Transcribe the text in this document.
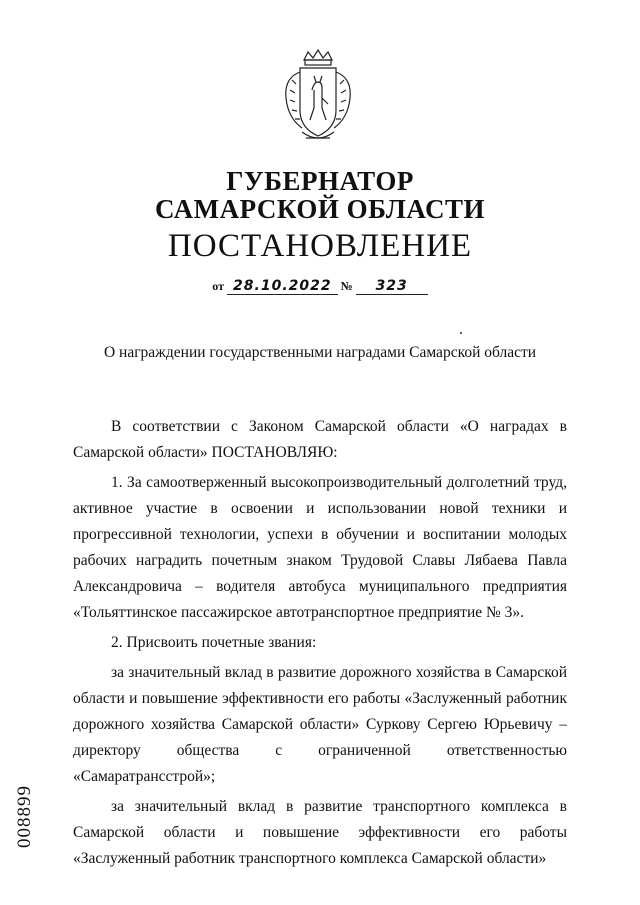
ГУБЕРНАТОР
САМАРСКОЙ ОБЛАСТИ
ПОСТАНОВЛЕНИЕ
от 28.10.2022 № 323
О награждении государственными наградами Самарской области

В соответствии с Законом Самарской области «О наградах в Самарской области» ПОСТАНОВЛЯЮ:

1. За самоотверженный высокопроизводительный долголетний труд, активное участие в освоении и использовании новой техники и прогрессивной технологии, успехи в обучении и воспитании молодых рабочих наградить почетным знаком Трудовой Славы Лябаева Павла Александровича – водителя автобуса муниципального предприятия «Тольяттинское пассажирское автотранспортное предприятие № 3».

2. Присвоить почетные звания:

за значительный вклад в развитие дорожного хозяйства в Самарской области и повышение эффективности его работы «Заслуженный работник дорожного хозяйства Самарской области» Суркову Сергею Юрьевичу – директору общества с ограниченной ответственностью «Самаратрансстрой»;

за значительный вклад в развитие транспортного комплекса в Самарской области и повышение эффективности его работы «Заслуженный работник транспортного комплекса Самарской области»

008899
